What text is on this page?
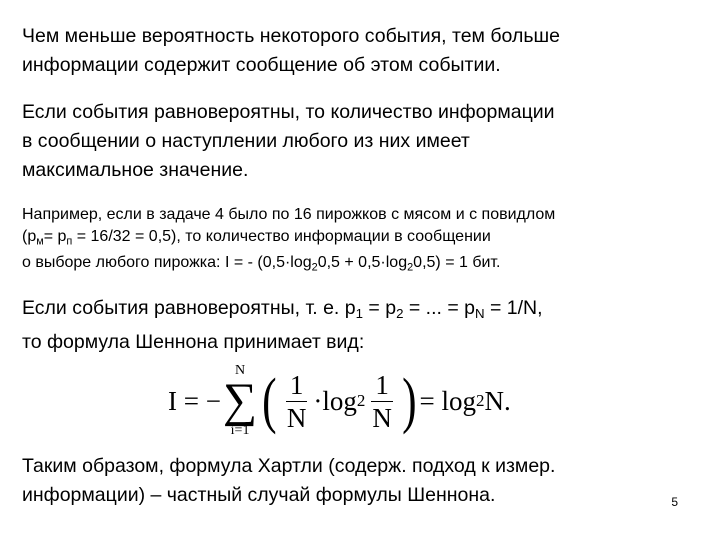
Чем меньше вероятность некоторого события, тем больше
информации содержит сообщение об этом событии.
Если события равновероятны, то количество информации
в сообщении о наступлении любого из них имеет
максимальное значение.
Например, если в задаче 4 было по 16 пирожков с мясом и с повидлом
$(p_м= p_п = 16/32 = 0,5)$, то количество информации в сообщении
о выборе любого пирожка: I = - $(0,5\cdot\log_20,5 + 0,5\cdot\log_20,5) = 1$ бит.
Если события равновероятны, т. е. $p_1 = p_2$ = ... = $p_N = 1/N$,
то формула Шеннона принимает вид:
I = −
N
∑
i=1 ( $\frac{1}{N} \cdot\log$ $2 \frac{1}{N}$ ) = log 2 N.
Таким образом, формула Хартли (содерж. подход к измер.
информации) – частный случай формулы Шеннона.	5
